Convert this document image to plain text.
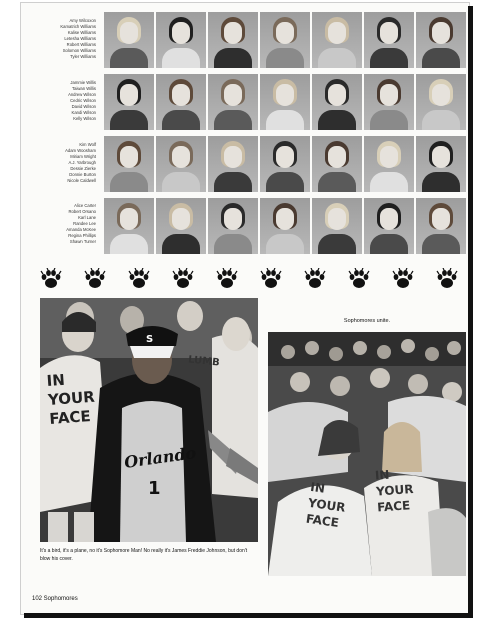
Amy Wilcoxon
Kamatrich Williams
Kalise Williams
Letesha Williams
Robert Williams
Solomon Williams
Tyler Williams
Jammie Willis
Taiwan Willis
Andrew Wilson
Cedric Wilson
David Wilson
Kandi Wilson
Kelly Wilson
Kim Wolf
Adam Woosham
Miriam Wright
A.J. Yarbrough
Dessie Zierke
Donnie Burton
Nicole Caldwell
Alice Carter
Robert Orsano
Karl Lane
Randee Lee
Amanda McKee
Regina Phillips
Shawn Turner
IN YOUR FACE
LUMB
S
Orlando
1
Sophomores unite.
IN YOUR FACE
IN YOUR FACE
It's a bird, it's a plane, no it's Sophomore Man! No really it's James Freddie Johnson, but don't blow his cover.
102 Sophomores
